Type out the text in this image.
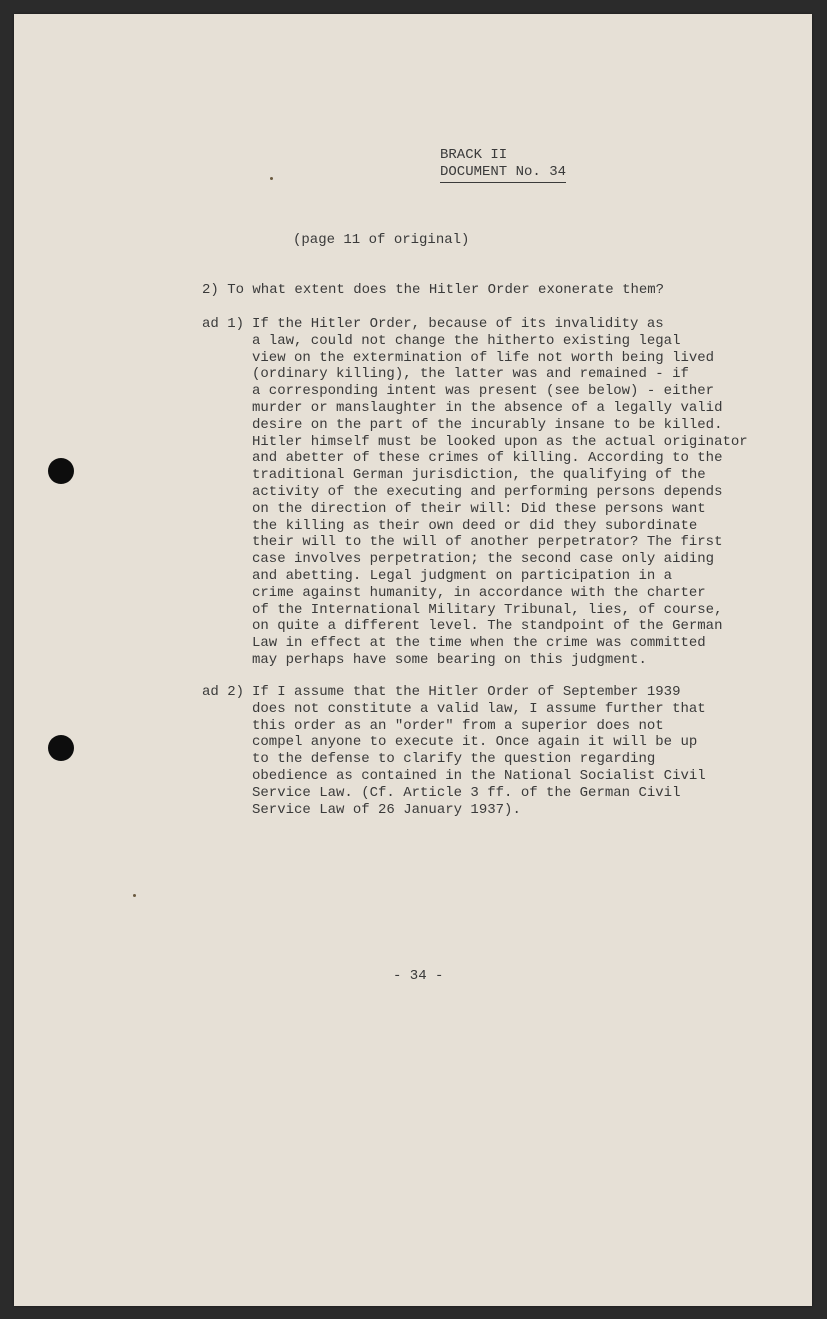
BRACK II
DOCUMENT No. 34
(page 11 of original)
2) To what extent does the Hitler Order exonerate them?
ad 1) If the Hitler Order, because of its invalidity as
a law, could not change the hitherto existing legal
view on the extermination of life not worth being lived
(ordinary killing), the latter was and remained - if
a corresponding intent was present (see below) - either
murder or manslaughter in the absence of a legally valid
desire on the part of the incurably insane to be killed.
Hitler himself must be looked upon as the actual originator
and abetter of these crimes of killing. According to the
traditional German jurisdiction, the qualifying of the
activity of the executing and performing persons depends
on the direction of their will: Did these persons want
the killing as their own deed or did they subordinate
their will to the will of another perpetrator? The first
case involves perpetration; the second case only aiding
and abetting. Legal judgment on participation in a
crime against humanity, in accordance with the charter
of the International Military Tribunal, lies, of course,
on quite a different level. The standpoint of the German
Law in effect at the time when the crime was committed
may perhaps have some bearing on this judgment.
ad 2) If I assume that the Hitler Order of September 1939
does not constitute a valid law, I assume further that
this order as an "order" from a superior does not
compel anyone to execute it. Once again it will be up
to the defense to clarify the question regarding
obedience as contained in the National Socialist Civil
Service Law. (Cf. Article 3 ff. of the German Civil
Service Law of 26 January 1937).
- 34 -
